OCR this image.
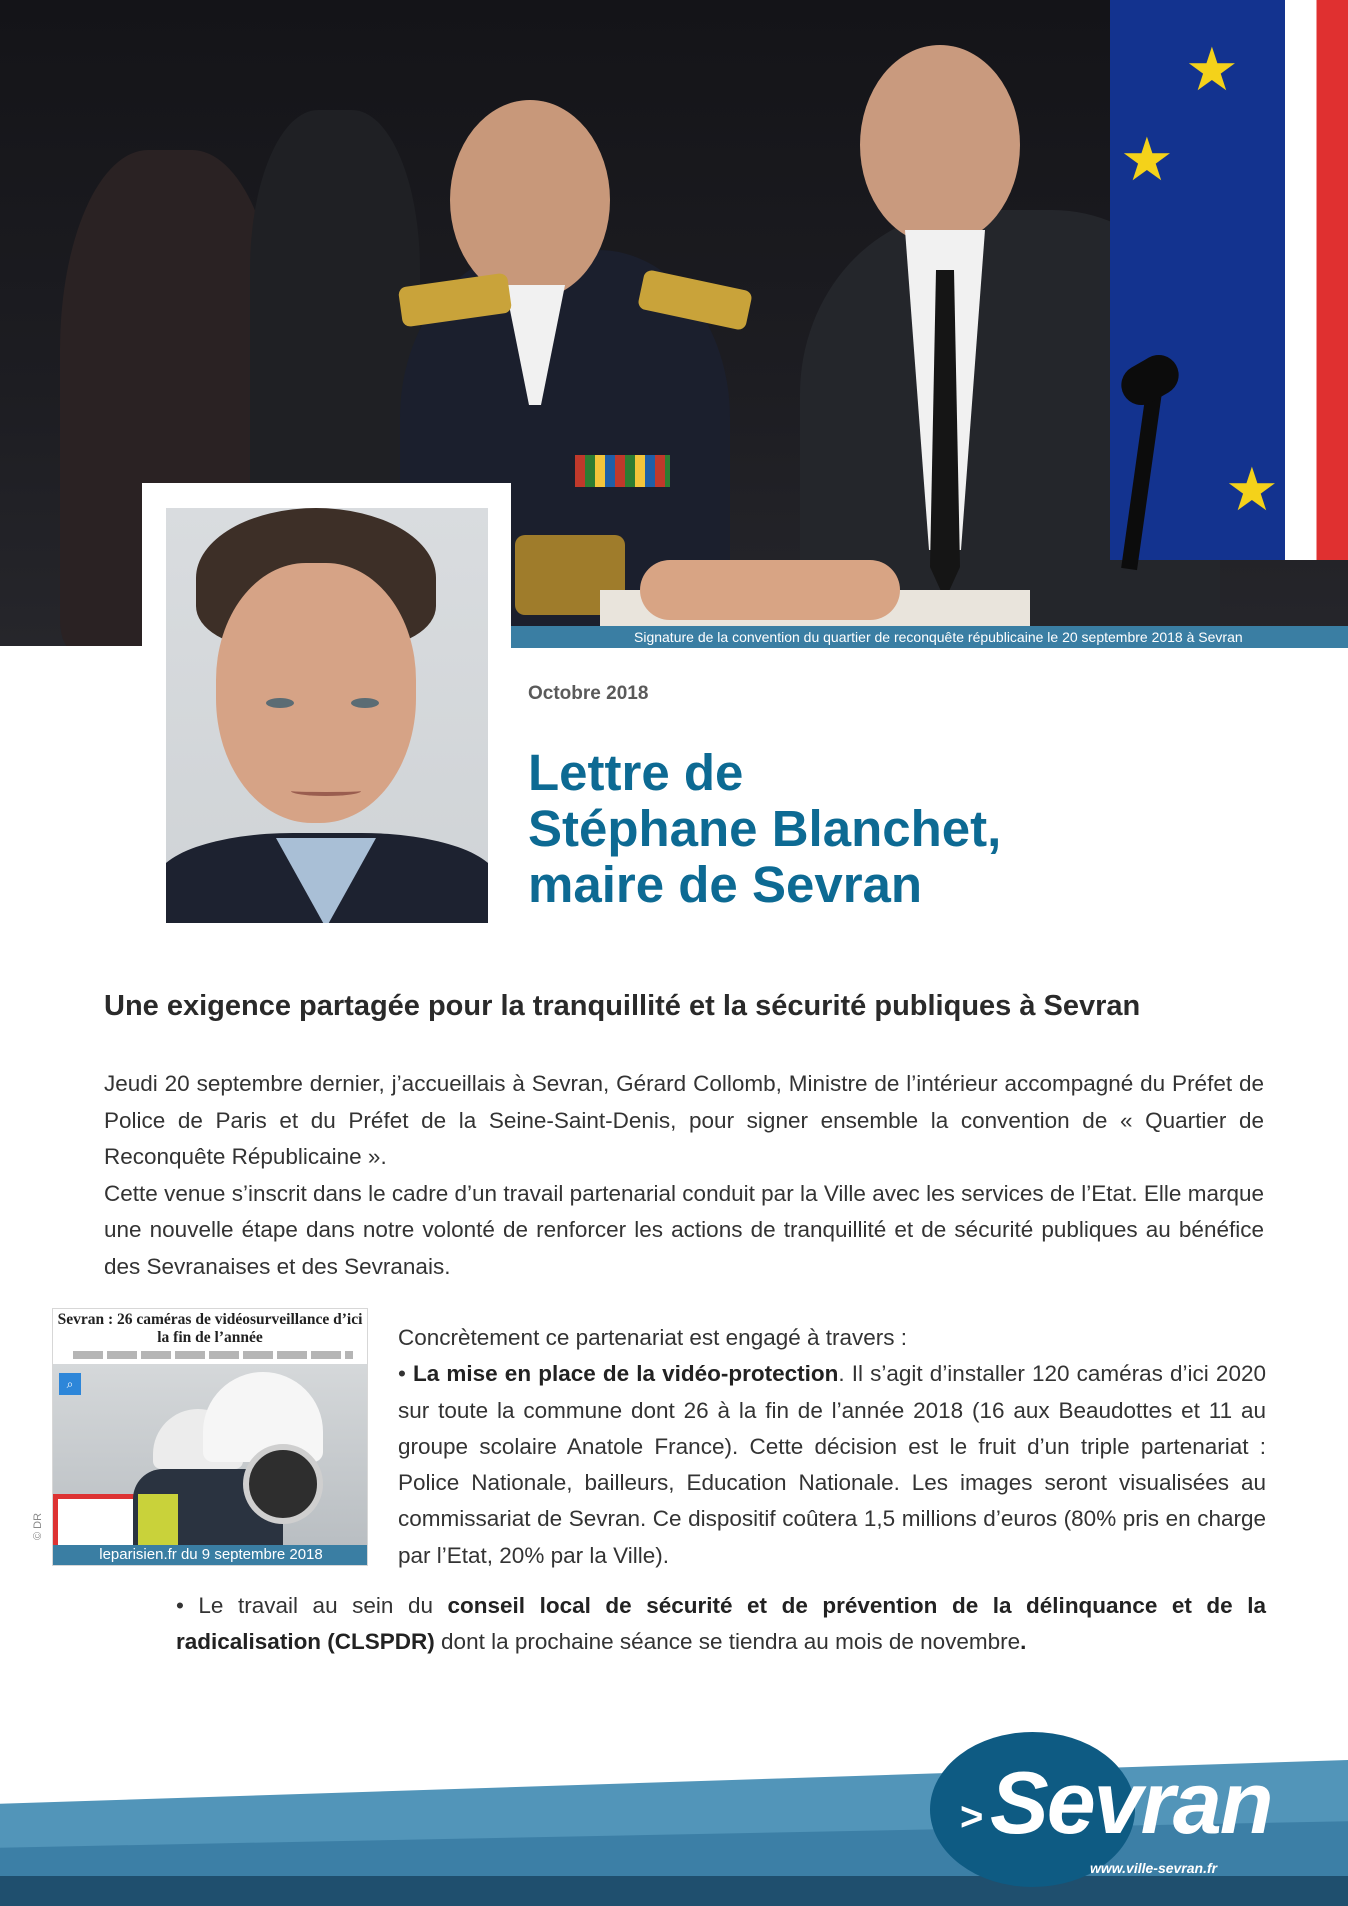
★
★
★
Signature de la convention du quartier de reconquête républicaine le 20 septembre 2018 à Sevran
Octobre 2018
Lettre de
Stéphane Blanchet,
maire de Sevran
Une exigence partagée pour la tranquillité et la sécurité publiques à Sevran

Jeudi 20 septembre dernier, j’accueillais à Sevran, Gérard Collomb, Ministre de l’intérieur accompagné du Préfet de Police de Paris et du Préfet de la Seine-Saint-Denis, pour signer ensemble la convention de « Quartier de Reconquête Républicaine ».

Cette venue s’inscrit dans le cadre d’un travail partenarial conduit par la Ville avec les services de l’Etat. Elle marque une nouvelle étape dans notre volonté de renforcer les actions de tranquillité et de sécurité publiques au bénéfice des Sevranaises et des Sevranais.

Sevran : 26 caméras de vidéosurveillance d’ici la fin de l’année
⌕
leparisien.fr du 9 septembre 2018
© DR

Concrètement ce partenariat est engagé à travers :

• La mise en place de la vidéo-protection. Il s’agit d’installer 120 caméras d’ici 2020 sur toute la commune dont 26 à la fin de l’année 2018 (16 aux Beaudottes et 11 au groupe scolaire Anatole France). Cette décision est le fruit d’un triple partenariat : Police Nationale, bailleurs, Education Nationale. Les images seront visualisées au commissariat de Sevran. Ce dispositif coûtera 1,5 millions d’euros (80% pris en charge par l’Etat, 20% par la Ville).

• Le travail au sein du conseil local de sécurité et de prévention de la délinquance et de la radicalisation (CLSPDR) dont la prochaine séance se tiendra au mois de novembre.
> Sevran
www.ville-sevran.fr
